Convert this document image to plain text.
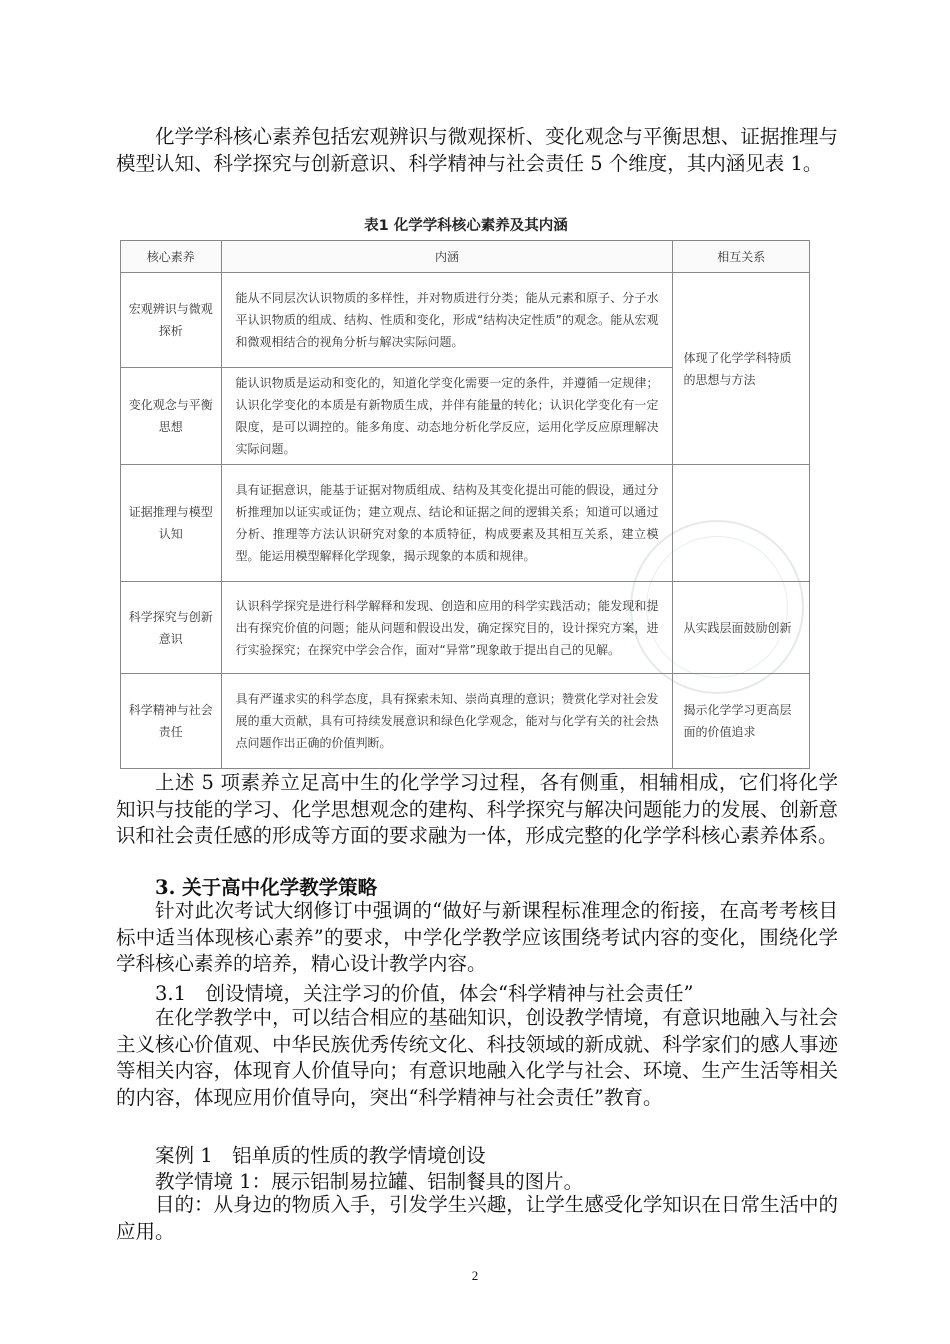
化学学科核心素养包括宏观辨识与微观探析、变化观念与平衡思想、证据推理与模型认知、科学探究与创新意识、科学精神与社会责任 5 个维度，其内涵见表 1。

表1 化学学科核心素养及其内涵
核心素养	内涵	相互关系
宏观辨识与微观探析	能从不同层次认识物质的多样性，并对物质进行分类；能从元素和原子、分子水平认识物质的组成、结构、性质和变化，形成“结构决定性质”的观念。能从宏观和微观相结合的视角分析与解决实际问题。	体现了化学学科特质的思想与方法
变化观念与平衡思想	能认识物质是运动和变化的，知道化学变化需要一定的条件，并遵循一定规律；认识化学变化的本质是有新物质生成，并伴有能量的转化；认识化学变化有一定限度，是可以调控的。能多角度、动态地分析化学反应，运用化学反应原理解决实际问题。	
证据推理与模型认知	具有证据意识，能基于证据对物质组成、结构及其变化提出可能的假设，通过分析推理加以证实或证伪；建立观点、结论和证据之间的逻辑关系；知道可以通过分析、推理等方法认识研究对象的本质特征，构成要素及其相互关系，建立模型。能运用模型解释化学现象，揭示现象的本质和规律。	
科学探究与创新意识	认识科学探究是进行科学解释和发现、创造和应用的科学实践活动；能发现和提出有探究价值的问题；能从问题和假设出发，确定探究目的，设计探究方案，进行实验探究；在探究中学会合作，面对“异常”现象敢于提出自己的见解。	从实践层面鼓励创新
科学精神与社会责任	具有严谨求实的科学态度，具有探索未知、崇尚真理的意识；赞赏化学对社会发展的重大贡献，具有可持续发展意识和绿色化学观念，能对与化学有关的社会热点问题作出正确的价值判断。	揭示化学学习更高层面的价值追求

上述 5 项素养立足高中生的化学学习过程，各有侧重，相辅相成，它们将化学知识与技能的学习、化学思想观念的建构、科学探究与解决问题能力的发展、创新意识和社会责任感的形成等方面的要求融为一体，形成完整的化学学科核心素养体系。

3. 关于高中化学教学策略

针对此次考试大纲修订中强调的“做好与新课程标准理念的衔接，在高考考核目标中适当体现核心素养”的要求，中学化学教学应该围绕考试内容的变化，围绕化学学科核心素养的培养，精心设计教学内容。

3.1　创设情境，关注学习的价值，体会“科学精神与社会责任”

在化学教学中，可以结合相应的基础知识，创设教学情境，有意识地融入与社会主义核心价值观、中华民族优秀传统文化、科技领域的新成就、科学家们的感人事迹等相关内容，体现育人价值导向；有意识地融入化学与社会、环境、生产生活等相关的内容，体现应用价值导向，突出“科学精神与社会责任”教育。

案例 1　铝单质的性质的教学情境创设

教学情境 1：展示铝制易拉罐、铝制餐具的图片。

目的：从身边的物质入手，引发学生兴趣，让学生感受化学知识在日常生活中的应用。

2
